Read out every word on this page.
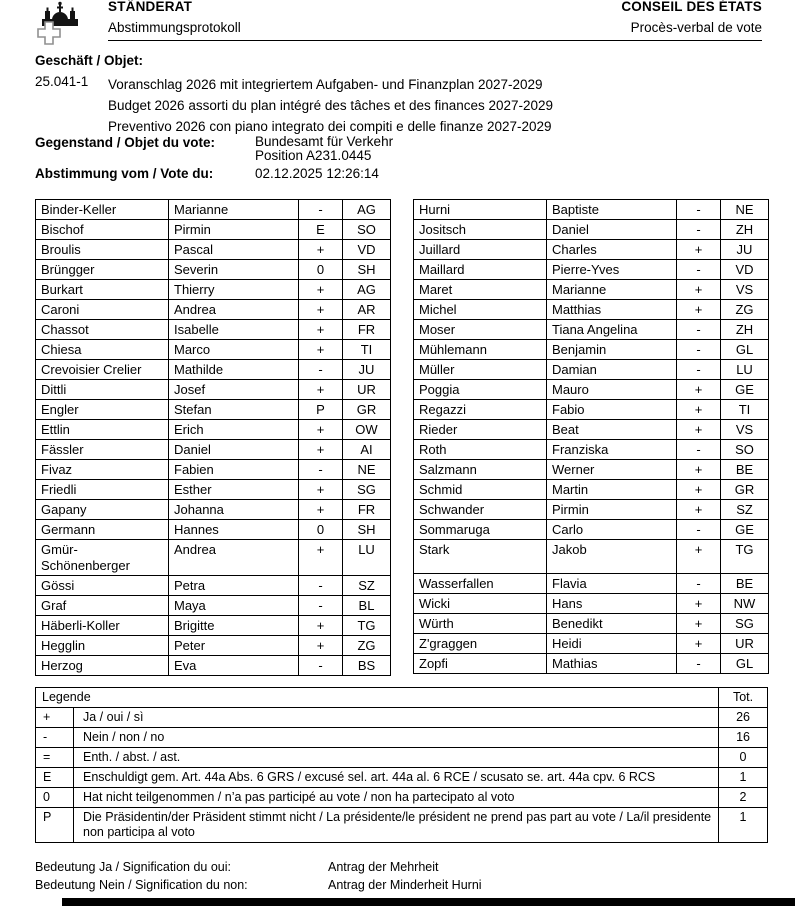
STÄNDERAT
Abstimmungsprotokoll
CONSEIL DES ÉTATS
Procès-verbal de vote
Geschäft / Objet:
25.041-1 Voranschlag 2026 mit integriertem Aufgaben- und Finanzplan 2027-2029
Budget 2026 assorti du plan intégré des tâches et des finances 2027-2029
Preventivo 2026 con piano integrato dei compiti e delle finanze 2027-2029
Gegenstand / Objet du vote:	Bundesamt für Verkehr
Position A231.0445
Abstimmung vom / Vote du:	02.12.2025 12:26:14
Binder-Keller	Marianne	-	AG
Bischof	Pirmin	E	SO
Broulis	Pascal	+	VD
Brüngger	Severin	0	SH
Burkart	Thierry	+	AG
Caroni	Andrea	+	AR
Chassot	Isabelle	+	FR
Chiesa	Marco	+	TI
Crevoisier Crelier	Mathilde	-	JU
Dittli	Josef	+	UR
Engler	Stefan	P	GR
Ettlin	Erich	+	OW
Fässler	Daniel	+	AI
Fivaz	Fabien	-	NE
Friedli	Esther	+	SG
Gapany	Johanna	+	FR
Germann	Hannes	0	SH
Gmür-Schönenberger	Andrea	+	LU
Gössi	Petra	-	SZ
Graf	Maya	-	BL
Häberli-Koller	Brigitte	+	TG
Hegglin	Peter	+	ZG
Herzog	Eva	-	BS
Hurni	Baptiste	-	NE
Jositsch	Daniel	-	ZH
Juillard	Charles	+	JU
Maillard	Pierre-Yves	-	VD
Maret	Marianne	+	VS
Michel	Matthias	+	ZG
Moser	Tiana Angelina	-	ZH
Mühlemann	Benjamin	-	GL
Müller	Damian	-	LU
Poggia	Mauro	+	GE
Regazzi	Fabio	+	TI
Rieder	Beat	+	VS
Roth	Franziska	-	SO
Salzmann	Werner	+	BE
Schmid	Martin	+	GR
Schwander	Pirmin	+	SZ
Sommaruga	Carlo	-	GE
Stark	Jakob	+	TG
Wasserfallen	Flavia	-	BE
Wicki	Hans	+	NW
Würth	Benedikt	+	SG
Z'graggen	Heidi	+	UR
Zopfi	Mathias	-	GL
Legende		Tot.
+	Ja / oui / sì	26
-	Nein / non / no	16
=	Enth. / abst. / ast.	0
E	Enschuldigt gem. Art. 44a Abs. 6 GRS / excusé sel. art. 44a al. 6 RCE / scusato se. art. 44a cpv. 6 RCS	1
0	Hat nicht teilgenommen / n’a pas participé au vote / non ha partecipato al voto	2
P	Die Präsidentin/der Präsident stimmt nicht / La présidente/le président ne prend pas part au vote / La/il presidente non participa al voto	1
Bedeutung Ja / Signification du oui:	Antrag der Mehrheit
Bedeutung Nein / Signification du non:	Antrag der Minderheit Hurni
